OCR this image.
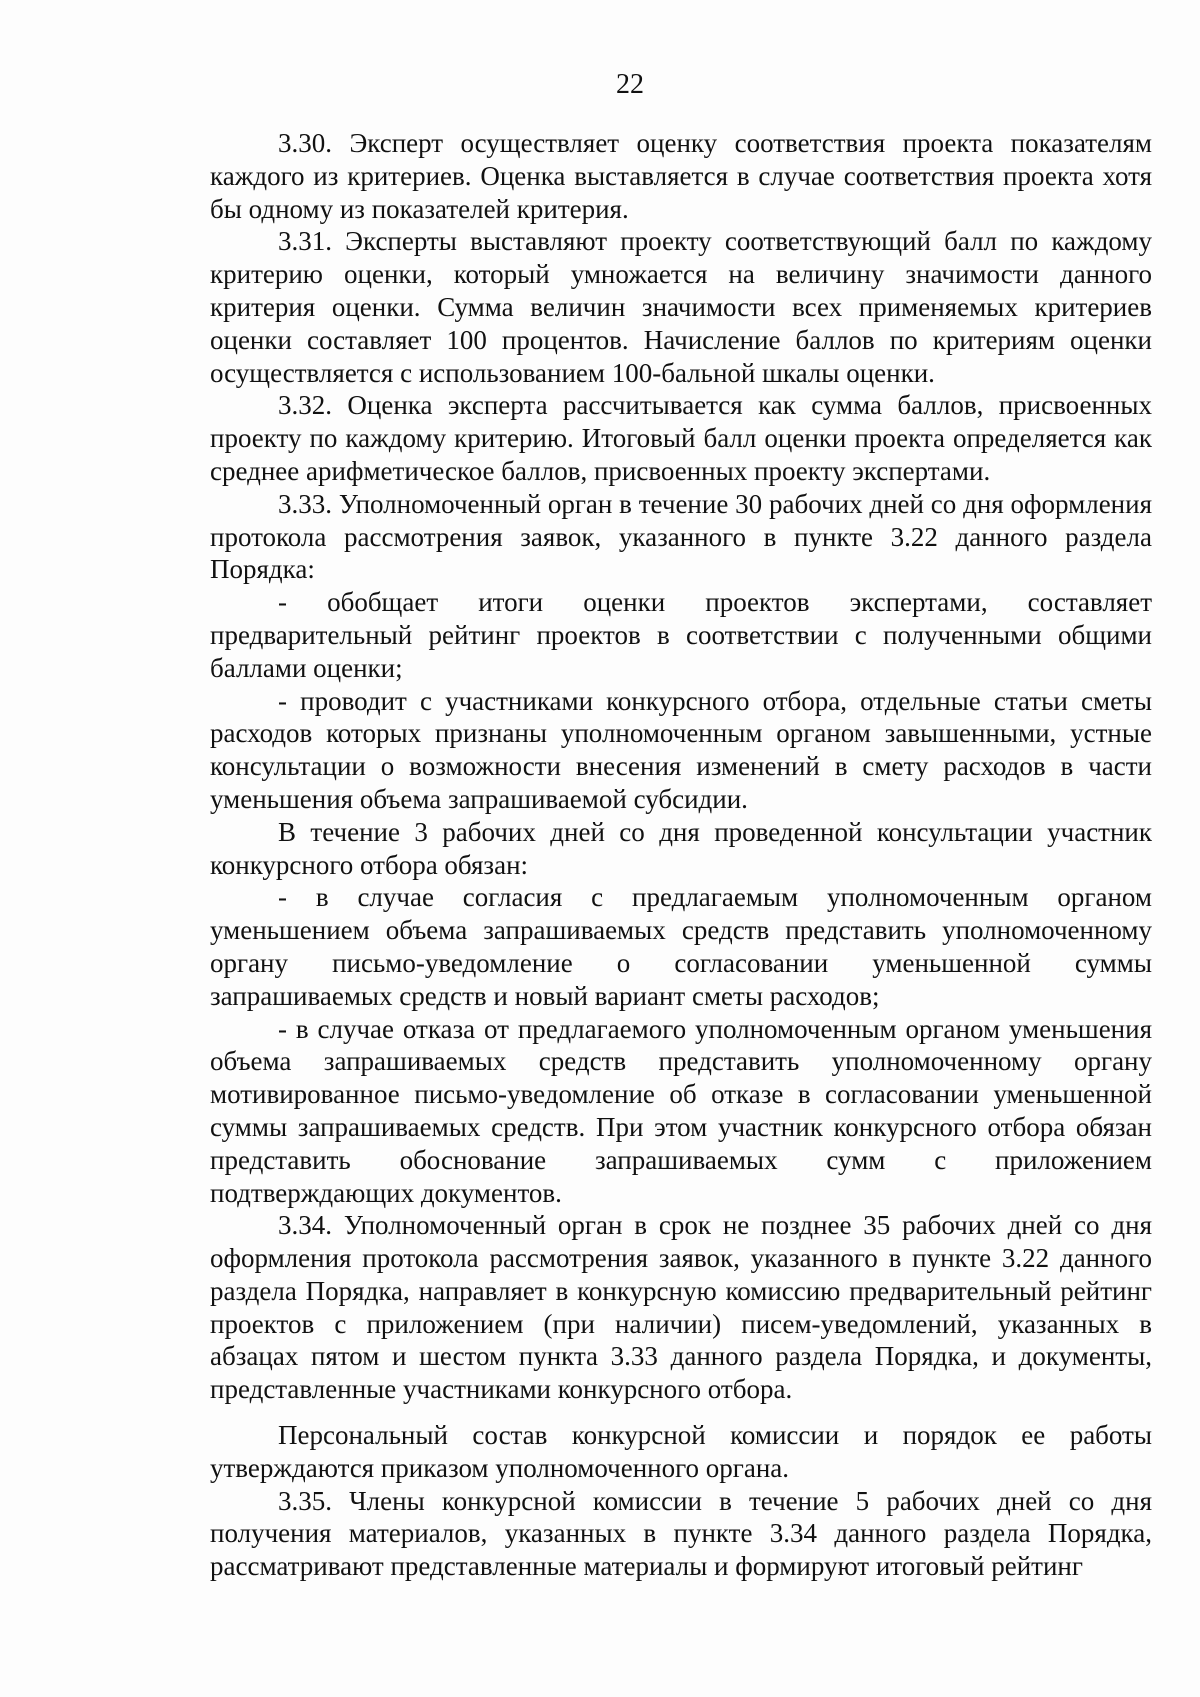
22

3.30. Эксперт осуществляет оценку соответствия проекта показателям каждого из критериев. Оценка выставляется в случае соответствия проекта хотя бы одному из показателей критерия.

3.31. Эксперты выставляют проекту соответствующий балл по каждому критерию оценки, который умножается на величину значимости данного критерия оценки. Сумма величин значимости всех применяемых критериев оценки составляет 100 процентов. Начисление баллов по критериям оценки осуществляется с использованием 100-бальной шкалы оценки.

3.32. Оценка эксперта рассчитывается как сумма баллов, присвоенных проекту по каждому критерию. Итоговый балл оценки проекта определяется как среднее арифметическое баллов, присвоенных проекту экспертами.

3.33. Уполномоченный орган в течение 30 рабочих дней со дня оформления протокола рассмотрения заявок, указанного в пункте 3.22 данного раздела Порядка:

- обобщает итоги оценки проектов экспертами, составляет предварительный рейтинг проектов в соответствии с полученными общими баллами оценки;

- проводит с участниками конкурсного отбора, отдельные статьи сметы расходов которых признаны уполномоченным органом завышенными, устные консультации о возможности внесения изменений в смету расходов в части уменьшения объема запрашиваемой субсидии.

В течение 3 рабочих дней со дня проведенной консультации участник конкурсного отбора обязан:

- в случае согласия с предлагаемым уполномоченным органом уменьшением объема запрашиваемых средств представить уполномоченному органу письмо-уведомление о согласовании уменьшенной суммы запрашиваемых средств и новый вариант сметы расходов;

- в случае отказа от предлагаемого уполномоченным органом уменьшения объема запрашиваемых средств представить уполномоченному органу мотивированное письмо-уведомление об отказе в согласовании уменьшенной суммы запрашиваемых средств. При этом участник конкурсного отбора обязан представить обоснование запрашиваемых сумм с приложением подтверждающих документов.

3.34. Уполномоченный орган в срок не позднее 35 рабочих дней со дня оформления протокола рассмотрения заявок, указанного в пункте 3.22 данного раздела Порядка, направляет в конкурсную комиссию предварительный рейтинг проектов с приложением (при наличии) писем-уведомлений, указанных в абзацах пятом и шестом пункта 3.33 данного раздела Порядка, и документы, представленные участниками конкурсного отбора.

Персональный состав конкурсной комиссии и порядок ее работы утверждаются приказом уполномоченного органа.

3.35. Члены конкурсной комиссии в течение 5 рабочих дней со дня получения материалов, указанных в пункте 3.34 данного раздела Порядка, рассматривают представленные материалы и формируют итоговый рейтинг
